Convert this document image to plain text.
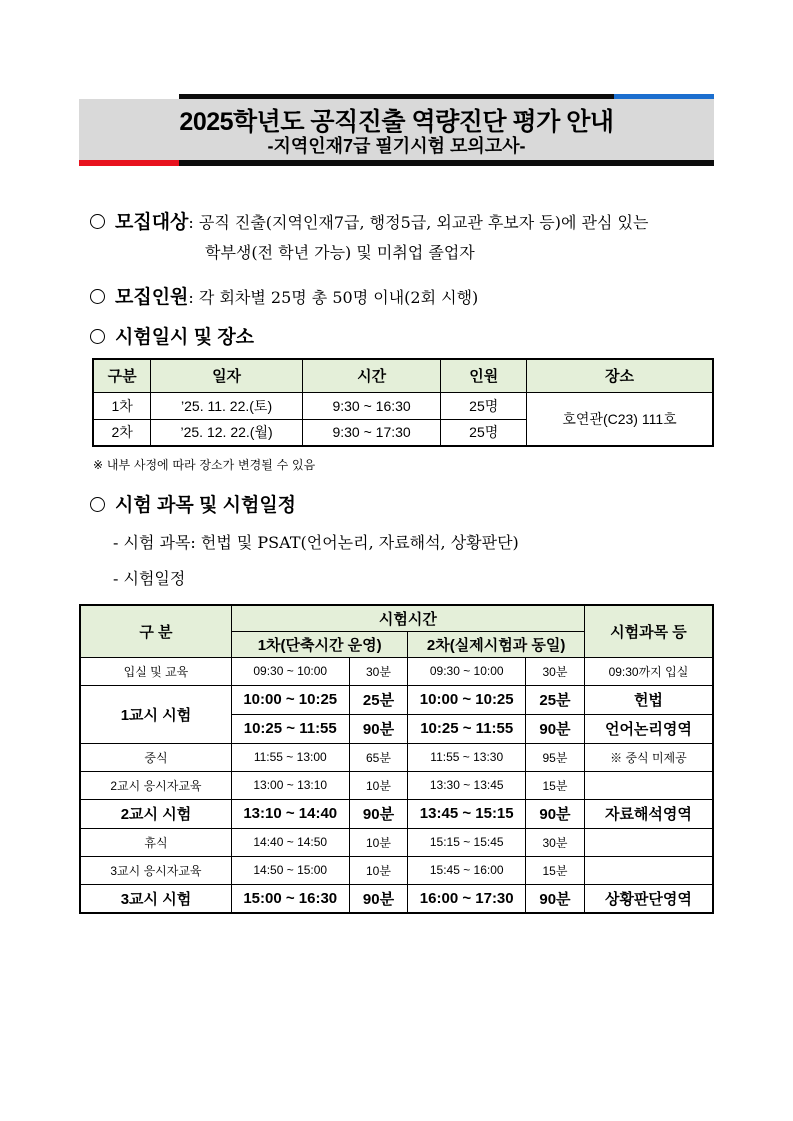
2025학년도 공직진출 역량진단 평가 안내
-지역인재7급 필기시험 모의고사-
모집대상: 공직 진출(지역인재7급, 행정5급, 외교관 후보자 등)에 관심 있는
학부생(전 학년 가능) 및 미취업 졸업자
모집인원: 각 회차별 25명 총 50명 이내(2회 시행)
시험일시 및 장소
구분	일자	시간	인원	장소
1차	’25. 11. 22.(토)	9:30 ~ 16:30	25명	호연관(C23) 111호
2차	’25. 12. 22.(월)	9:30 ~ 17:30	25명	
※ 내부 사정에 따라 장소가 변경될 수 있음
시험 과목 및 시험일정
- 시험 과목: 헌법 및 PSAT(언어논리, 자료해석, 상황판단)
- 시험일정
구 분	시험시간				시험과목 등
	1차(단축시간 운영)		2차(실제시험과 동일)		
입실 및 교육	09:30 ~ 10:00	30분	09:30 ~ 10:00	30분	09:30까지 입실
1교시 시험	10:00 ~ 10:25	25분	10:00 ~ 10:25	25분	헌법
	10:25 ~ 11:55	90분	10:25 ~ 11:55	90분	언어논리영역
중식	11:55 ~ 13:00	65분	11:55 ~ 13:30	95분	※ 중식 미제공
2교시 응시자교육	13:00 ~ 13:10	10분	13:30 ~ 13:45	15분	
2교시 시험	13:10 ~ 14:40	90분	13:45 ~ 15:15	90분	자료해석영역
휴식	14:40 ~ 14:50	10분	15:15 ~ 15:45	30분	
3교시 응시자교육	14:50 ~ 15:00	10분	15:45 ~ 16:00	15분	
3교시 시험	15:00 ~ 16:30	90분	16:00 ~ 17:30	90분	상황판단영역
